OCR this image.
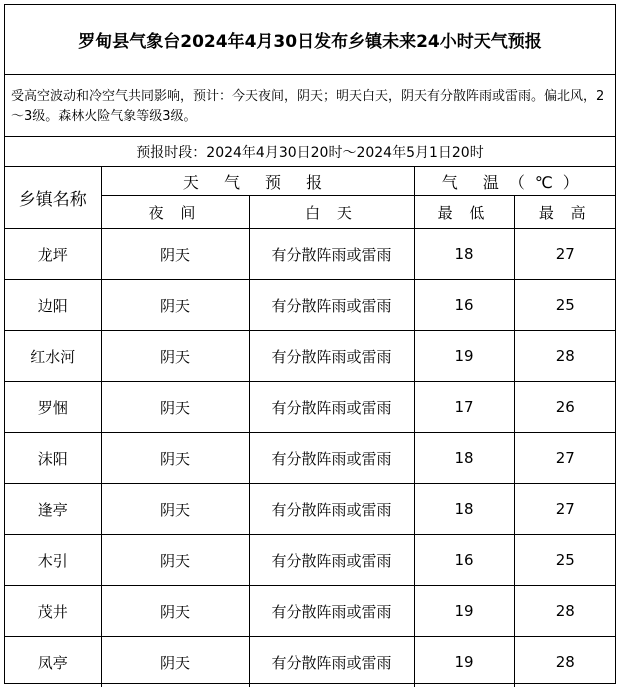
罗甸县气象台2024年4月30日发布乡镇未来24小时天气预报
受高空波动和冷空气共同影响，预计：今天夜间，阴天；明天白天，阴天有分散阵雨或雷雨。偏北风，2～3级。森林火险气象等级3级。
预报时段：2024年4月30日20时～2024年5月1日20时
乡镇名称	天 气 预 报		气 温（℃）	
	夜 间	白 天	最 低	最 高
龙坪	阴天	有分散阵雨或雷雨	18	27
边阳	阴天	有分散阵雨或雷雨	16	25
红水河	阴天	有分散阵雨或雷雨	19	28
罗悃	阴天	有分散阵雨或雷雨	17	26
沫阳	阴天	有分散阵雨或雷雨	18	27
逢亭	阴天	有分散阵雨或雷雨	18	27
木引	阴天	有分散阵雨或雷雨	16	25
茂井	阴天	有分散阵雨或雷雨	19	28
凤亭	阴天	有分散阵雨或雷雨	19	28
